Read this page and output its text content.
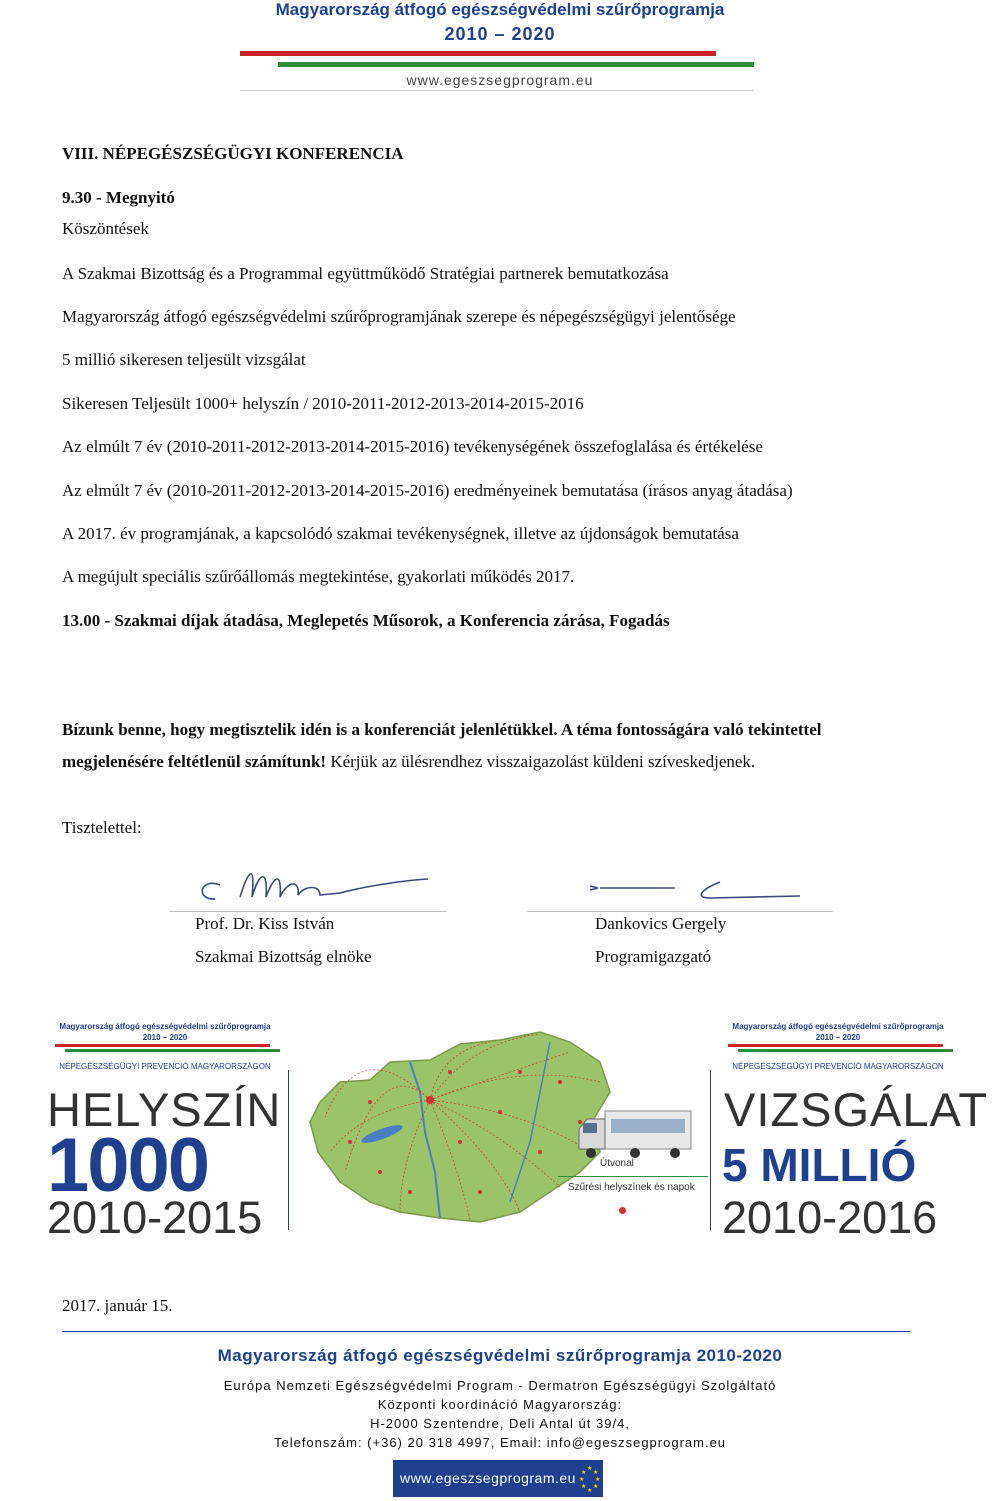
Magyarország átfogó egészségvédelmi szűrőprogramja
2010 – 2020
www.egeszsegprogram.eu
VIII. NÉPEGÉSZSÉGÜGYI KONFERENCIA
9.30 - Megnyitó
Köszöntések
A Szakmai Bizottság és a Programmal együttműködő Stratégiai partnerek bemutatkozása
Magyarország átfogó egészségvédelmi szűrőprogramjának szerepe és népegészségügyi jelentősége
5 millió sikeresen teljesült vizsgálat
Sikeresen Teljesült 1000+ helyszín / 2010-2011-2012-2013-2014-2015-2016
Az elmúlt 7 év (2010-2011-2012-2013-2014-2015-2016) tevékenységének összefoglalása és értékelése
Az elmúlt 7 év (2010-2011-2012-2013-2014-2015-2016) eredményeinek bemutatása (írásos anyag átadása)
A 2017. év programjának, a kapcsolódó szakmai tevékenységnek, illetve az újdonságok bemutatása
A megújult speciális szűrőállomás megtekintése, gyakorlati működés 2017.
13.00 - Szakmai díjak átadása, Meglepetés Műsorok, a Konferencia zárása, Fogadás
Bízunk benne, hogy megtisztelik idén is a konferenciát jelenlétükkel. A téma fontosságára való tekintettel
megjelenésére feltétlenül számítunk! Kérjük az ülésrendhez visszaigazolást küldeni szíveskedjenek.
Tisztelettel:
Prof. Dr. Kiss István
Szakmai Bizottság elnöke
Dankovics Gergely
Programigazgató
Magyarország átfogó egészségvédelmi szűrőprogramja
2010 – 2020
NÉPEGÉSZSÉGÜGYI PREVENCIÓ MAGYARORSZÁGON
HELYSZÍN
1000
2010-2015
Útvonal
Szűrési helyszínek és napok
Magyarország átfogó egészségvédelmi szűrőprogramja
2010 – 2020
NÉPEGÉSZSÉGÜGYI PREVENCIÓ MAGYARORSZÁGON
VIZSGÁLAT
5 MILLIÓ
2010-2016
2017. január 15.
Magyarország átfogó egészségvédelmi szűrőprogramja 2010-2020
Európa Nemzeti Egészségvédelmi Program - Dermatron Egészségügyi Szolgáltató
Központi koordináció Magyarország:
H-2000 Szentendre, Deli Antal út 39/4,
Telefonszám: (+36) 20 318 4997, Email: info@egeszsegprogram.eu
www.egeszsegprogram.eu
★
★
★
★
★
★
★
★
